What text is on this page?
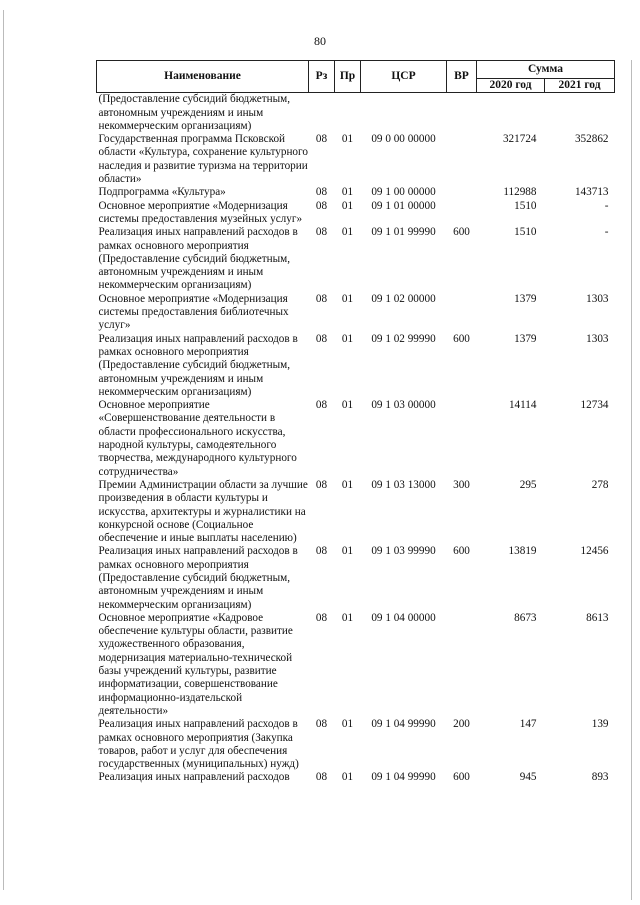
80
Наименование	Рз	Пр	ЦСР	ВР	Сумма	
					2020 год	2021 год
(Предоставление субсидий бюджетным, автономным учреждениям и иным некоммерческим организациям)						
Государственная программа Псковской области «Культура, сохранение культурного наследия и развитие туризма на территории области»	08	01	09 0 00 00000		321724	352862
Подпрограмма «Культура»	08	01	09 1 00 00000		112988	143713
Основное мероприятие «Модернизация системы предоставления музейных услуг»	08	01	09 1 01 00000		1510	-
Реализация иных направлений расходов в рамках основного мероприятия (Предоставление субсидий бюджетным, автономным учреждениям и иным некоммерческим организациям)	08	01	09 1 01 99990	600	1510	-
Основное мероприятие «Модернизация системы предоставления библиотечных услуг»	08	01	09 1 02 00000		1379	1303
Реализация иных направлений расходов в рамках основного мероприятия (Предоставление субсидий бюджетным, автономным учреждениям и иным некоммерческим организациям)	08	01	09 1 02 99990	600	1379	1303
Основное мероприятие «Совершенствование деятельности в области профессионального искусства, народной культуры, самодеятельного творчества, международного культурного сотрудничества»	08	01	09 1 03 00000		14114	12734
Премии Администрации области за лучшие произведения в области культуры и искусства, архитектуры и журналистики на конкурсной основе (Социальное обеспечение и иные выплаты населению)	08	01	09 1 03 13000	300	295	278
Реализация иных направлений расходов в рамках основного мероприятия (Предоставление субсидий бюджетным, автономным учреждениям и иным некоммерческим организациям)	08	01	09 1 03 99990	600	13819	12456
Основное мероприятие «Кадровое обеспечение культуры области, развитие художественного образования, модернизация материально-технической базы учреждений культуры, развитие информатизации, совершенствование информационно-издательской деятельности»	08	01	09 1 04 00000		8673	8613
Реализация иных направлений расходов в рамках основного мероприятия (Закупка товаров, работ и услуг для обеспечения государственных (муниципальных) нужд)	08	01	09 1 04 99990	200	147	139
Реализация иных направлений расходов	08	01	09 1 04 99990	600	945	893
